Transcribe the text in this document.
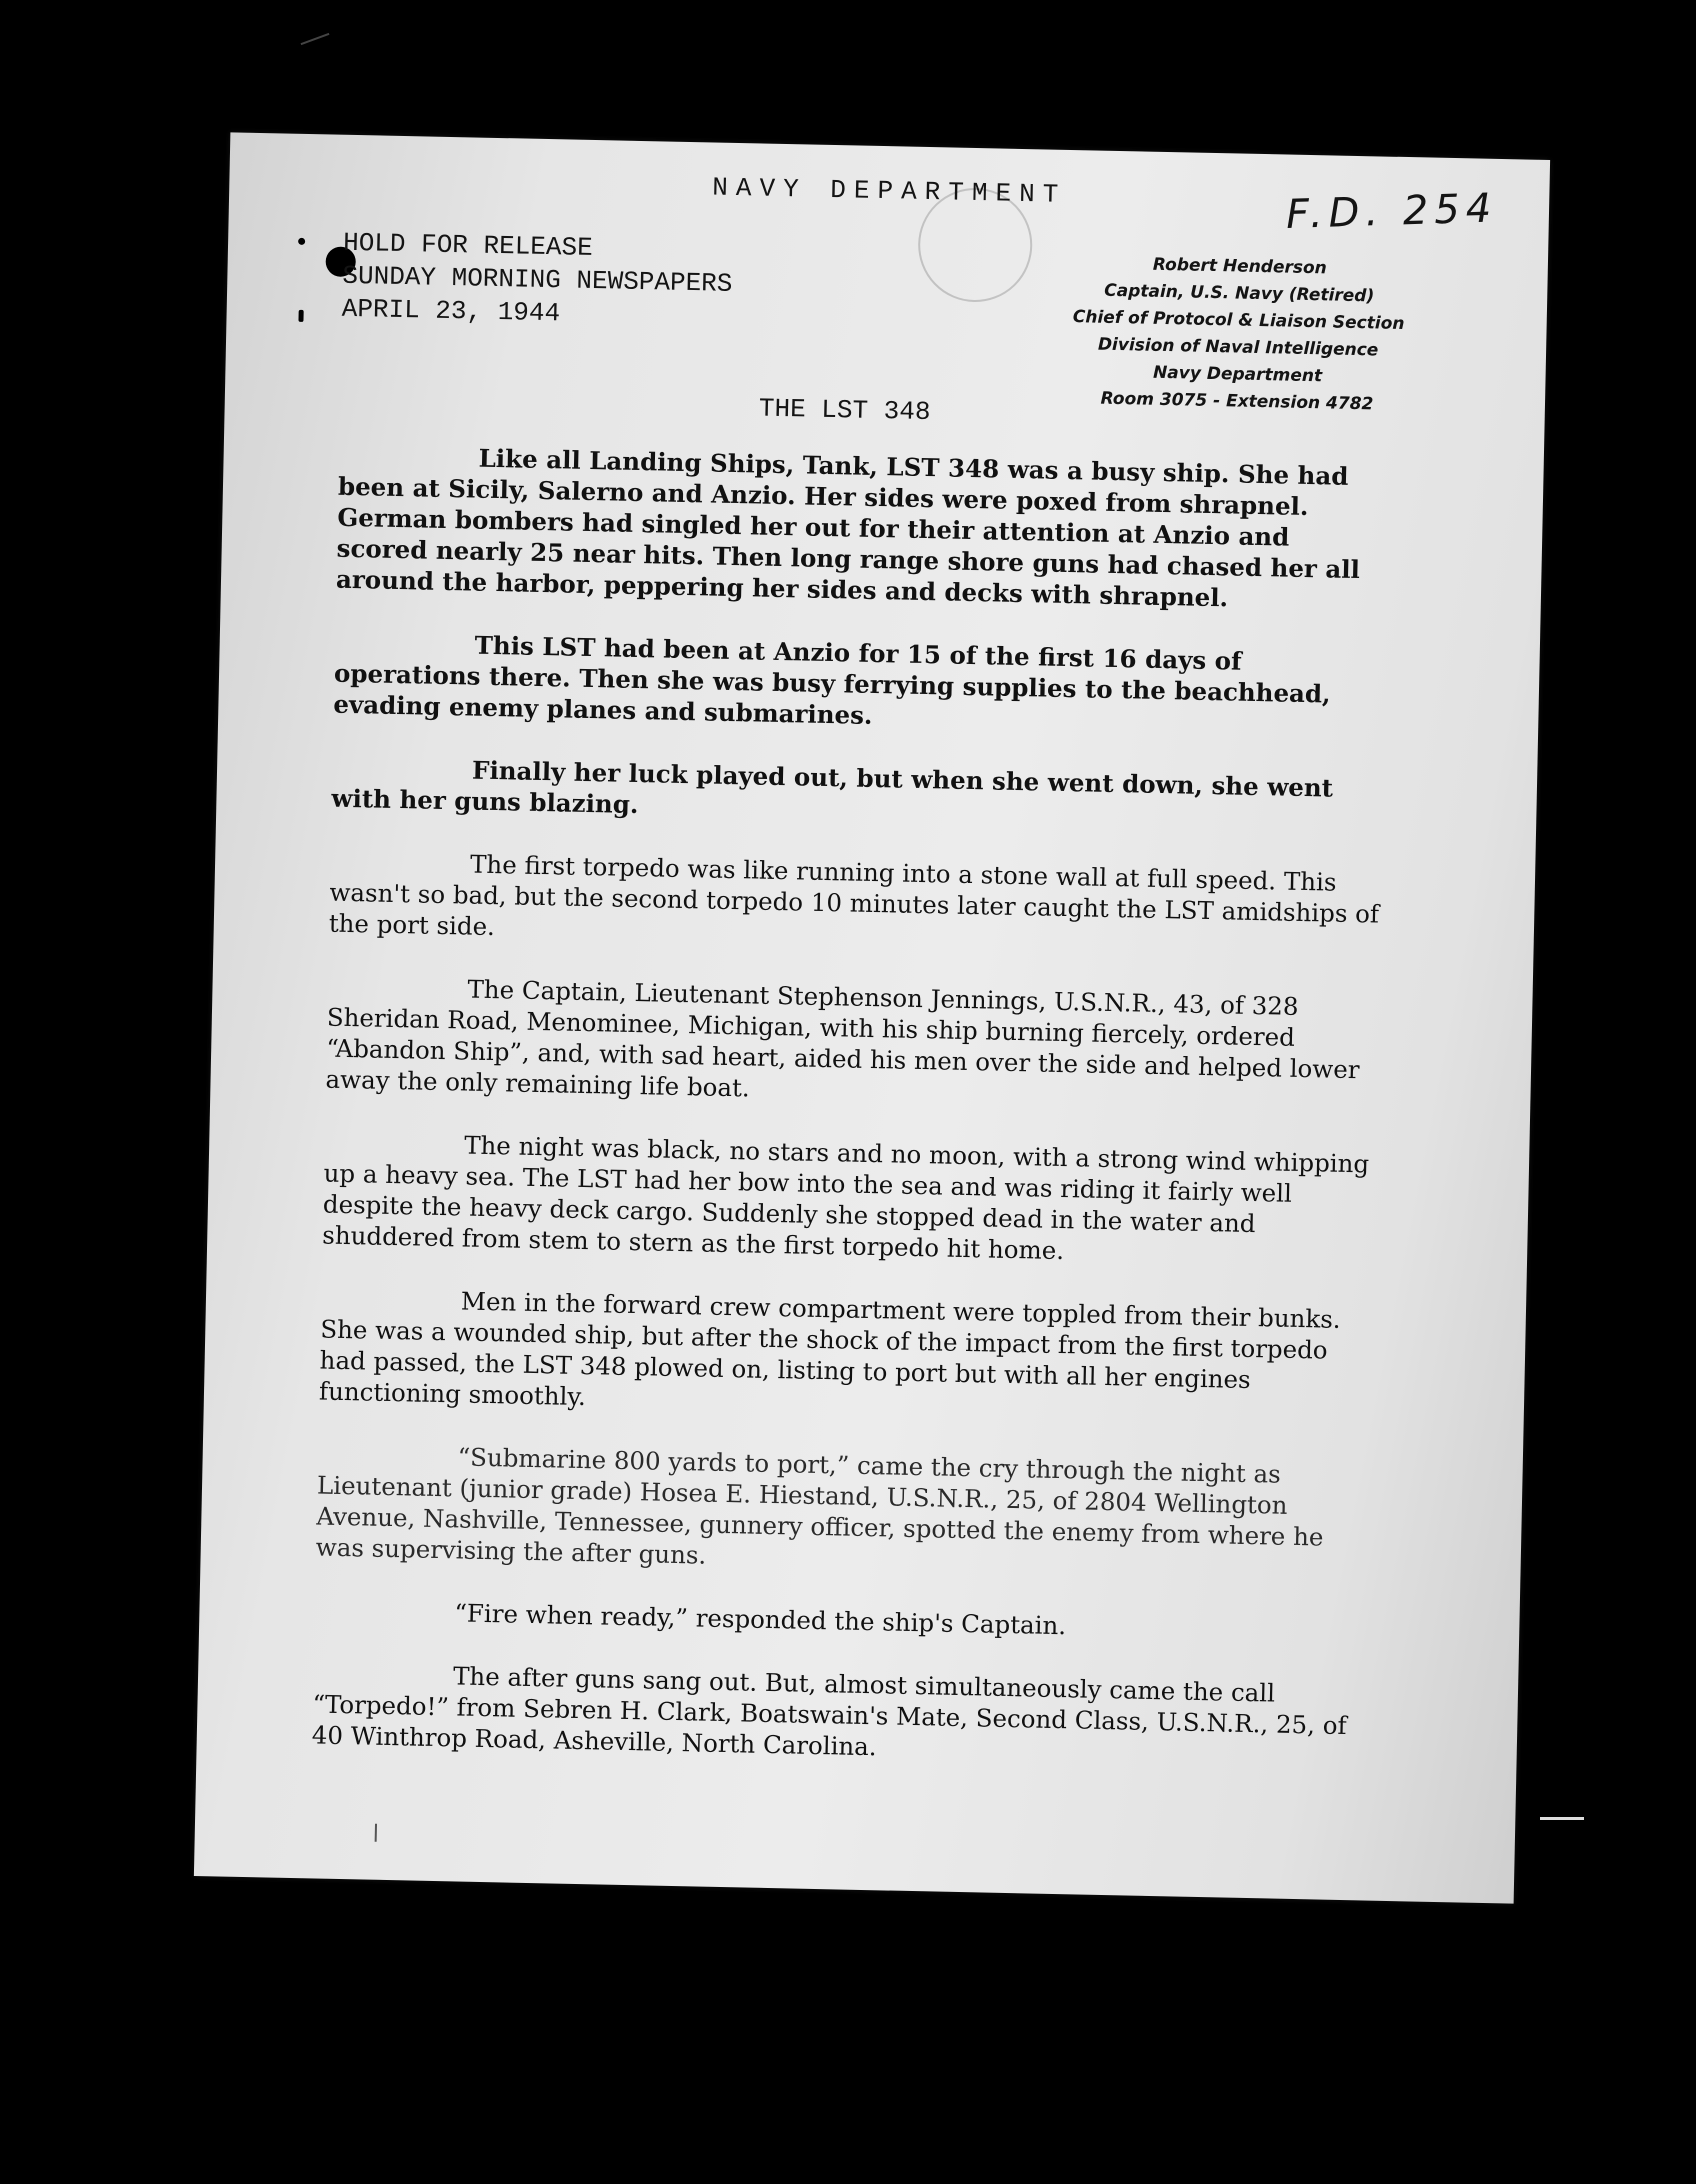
NAVY DEPARTMENT	F.D. 254
HOLD FOR RELEASE
SUNDAY MORNING NEWSPAPERS
APRIL 23, 1944
Robert Henderson
Captain, U.S. Navy (Retired)
Chief of Protocol & Liaison Section
Division of Naval Intelligence
Navy Department
Room 3075 - Extension 4782
THE LST 348

Like all Landing Ships, Tank, LST 348 was a busy ship. She had been at Sicily, Salerno and Anzio. Her sides were poxed from shrapnel. German bombers had singled her out for their attention at Anzio and scored nearly 25 near hits. Then long range shore guns had chased her all around the harbor, peppering her sides and decks with shrapnel.

This LST had been at Anzio for 15 of the first 16 days of operations there. Then she was busy ferrying supplies to the beachhead, evading enemy planes and submarines.

Finally her luck played out, but when she went down, she went with her guns blazing.

The first torpedo was like running into a stone wall at full speed. This wasn't so bad, but the second torpedo 10 minutes later caught the LST amidships of the port side.

The Captain, Lieutenant Stephenson Jennings, U.S.N.R., 43, of 328 Sheridan Road, Menominee, Michigan, with his ship burning fiercely, ordered “Abandon Ship”, and, with sad heart, aided his men over the side and helped lower away the only remaining life boat.

The night was black, no stars and no moon, with a strong wind whipping up a heavy sea. The LST had her bow into the sea and was riding it fairly well despite the heavy deck cargo. Suddenly she stopped dead in the water and shuddered from stem to stern as the first torpedo hit home.

Men in the forward crew compartment were toppled from their bunks. She was a wounded ship, but after the shock of the impact from the first torpedo had passed, the LST 348 plowed on, listing to port but with all her engines functioning smoothly.

“Submarine 800 yards to port,” came the cry through the night as Lieutenant (junior grade) Hosea E. Hiestand, U.S.N.R., 25, of 2804 Wellington Avenue, Nashville, Tennessee, gunnery officer, spotted the enemy from where he was supervising the after guns.

“Fire when ready,” responded the ship's Captain.

The after guns sang out. But, almost simultaneously came the call “Torpedo!” from Sebren H. Clark, Boatswain's Mate, Second Class, U.S.N.R., 25, of 40 Winthrop Road, Asheville, North Carolina.
